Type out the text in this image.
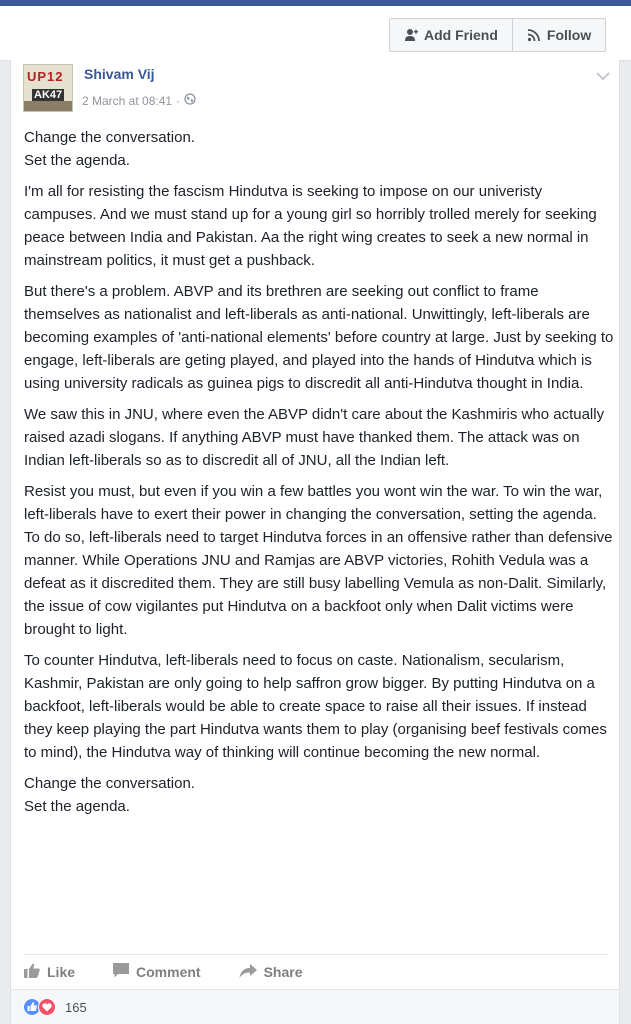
Add Friend	Follow
UP12
AK47
Shivam Vij
2 March at 08:41 ·

Change the conversation.
Set the agenda.

I'm all for resisting the fascism Hindutva is seeking to impose on our univeristy campuses. And we must stand up for a young girl so horribly trolled merely for seeking peace between India and Pakistan. Aa the right wing creates to seek a new normal in mainstream politics, it must get a pushback.

But there's a problem. ABVP and its brethren are seeking out conflict to frame themselves as nationalist and left-liberals as anti-national. Unwittingly, left-liberals are becoming examples of 'anti-national elements' before country at large. Just by seeking to engage, left-liberals are geting played, and played into the hands of Hindutva which is using university radicals as guinea pigs to discredit all anti-Hindutva thought in India.

We saw this in JNU, where even the ABVP didn't care about the Kashmiris who actually raised azadi slogans. If anything ABVP must have thanked them. The attack was on Indian left-liberals so as to discredit all of JNU, all the Indian left.

Resist you must, but even if you win a few battles you wont win the war. To win the war, left-liberals have to exert their power in changing the conversation, setting the agenda. To do so, left-liberals need to target Hindutva forces in an offensive rather than defensive manner. While Operations JNU and Ramjas are ABVP victories, Rohith Vedula was a defeat as it discredited them. They are still busy labelling Vemula as non-Dalit. Similarly, the issue of cow vigilantes put Hindutva on a backfoot only when Dalit victims were brought to light.

To counter Hindutva, left-liberals need to focus on caste. Nationalism, secularism, Kashmir, Pakistan are only going to help saffron grow bigger. By putting Hindutva on a backfoot, left-liberals would be able to create space to raise all their issues. If instead they keep playing the part Hindutva wants them to play (organising beef festivals comes to mind), the Hindutva way of thinking will continue becoming the new normal.

Change the conversation.
Set the agenda.

Like	Comment	Share
165
